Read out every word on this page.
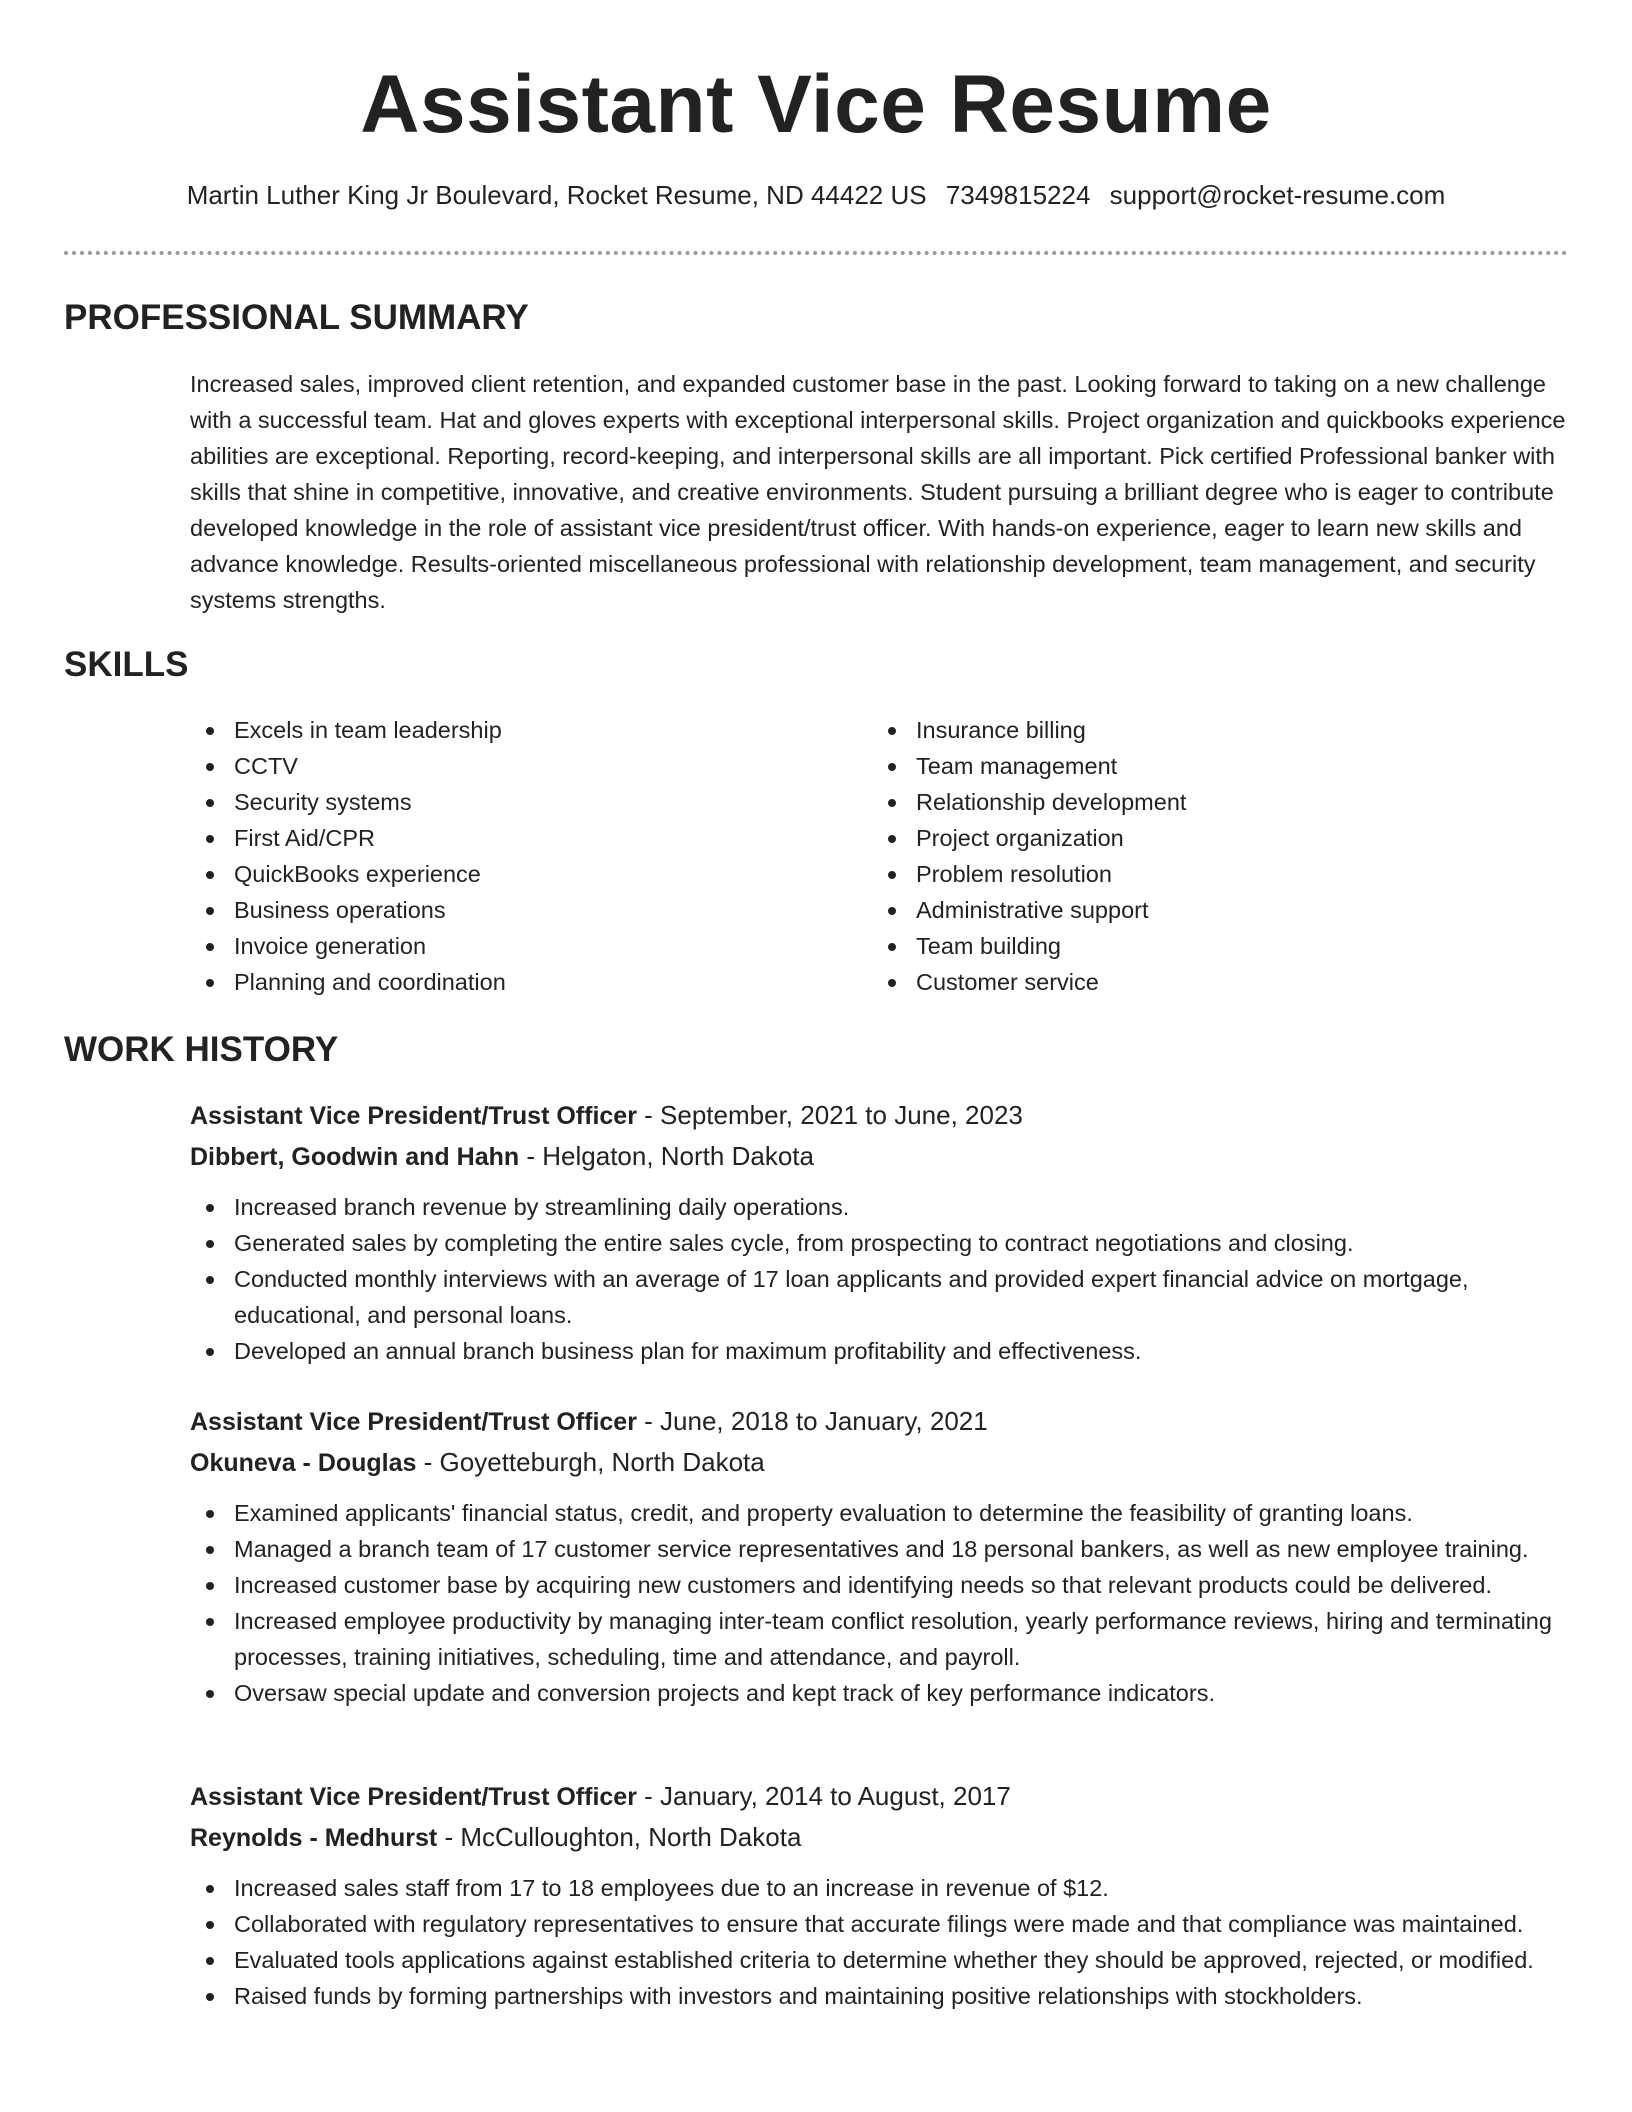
Assistant Vice Resume
Martin Luther King Jr Boulevard, Rocket Resume, ND 44422 US 7349815224 support@rocket-resume.com
PROFESSIONAL SUMMARY

Increased sales, improved client retention, and expanded customer base in the past. Looking forward to taking on a new challenge with a successful team. Hat and gloves experts with exceptional interpersonal skills. Project organization and quickbooks experience abilities are exceptional. Reporting, record-keeping, and interpersonal skills are all important. Pick certified Professional banker with skills that shine in competitive, innovative, and creative environments. Student pursuing a brilliant degree who is eager to contribute developed knowledge in the role of assistant vice president/trust officer. With hands-on experience, eager to learn new skills and advance knowledge. Results-oriented miscellaneous professional with relationship development, team management, and security systems strengths.

SKILLS
Excels in team leadership
CCTV
Security systems
First Aid/CPR
QuickBooks experience
Business operations
Invoice generation
Planning and coordination
Insurance billing
Team management
Relationship development
Project organization
Problem resolution
Administrative support
Team building
Customer service
WORK HISTORY
Assistant Vice President/Trust Officer - September, 2021 to June, 2023
Dibbert, Goodwin and Hahn - Helgaton, North Dakota
Increased branch revenue by streamlining daily operations.
Generated sales by completing the entire sales cycle, from prospecting to contract negotiations and closing.
Conducted monthly interviews with an average of 17 loan applicants and provided expert financial advice on mortgage, educational, and personal loans.
Developed an annual branch business plan for maximum profitability and effectiveness.
Assistant Vice President/Trust Officer - June, 2018 to January, 2021
Okuneva - Douglas - Goyetteburgh, North Dakota
Examined applicants' financial status, credit, and property evaluation to determine the feasibility of granting loans.
Managed a branch team of 17 customer service representatives and 18 personal bankers, as well as new employee training.
Increased customer base by acquiring new customers and identifying needs so that relevant products could be delivered.
Increased employee productivity by managing inter-team conflict resolution, yearly performance reviews, hiring and terminating processes, training initiatives, scheduling, time and attendance, and payroll.
Oversaw special update and conversion projects and kept track of key performance indicators.
Assistant Vice President/Trust Officer - January, 2014 to August, 2017
Reynolds - Medhurst - McCulloughton, North Dakota
Increased sales staff from 17 to 18 employees due to an increase in revenue of $12.
Collaborated with regulatory representatives to ensure that accurate filings were made and that compliance was maintained.
Evaluated tools applications against established criteria to determine whether they should be approved, rejected, or modified.
Raised funds by forming partnerships with investors and maintaining positive relationships with stockholders.
